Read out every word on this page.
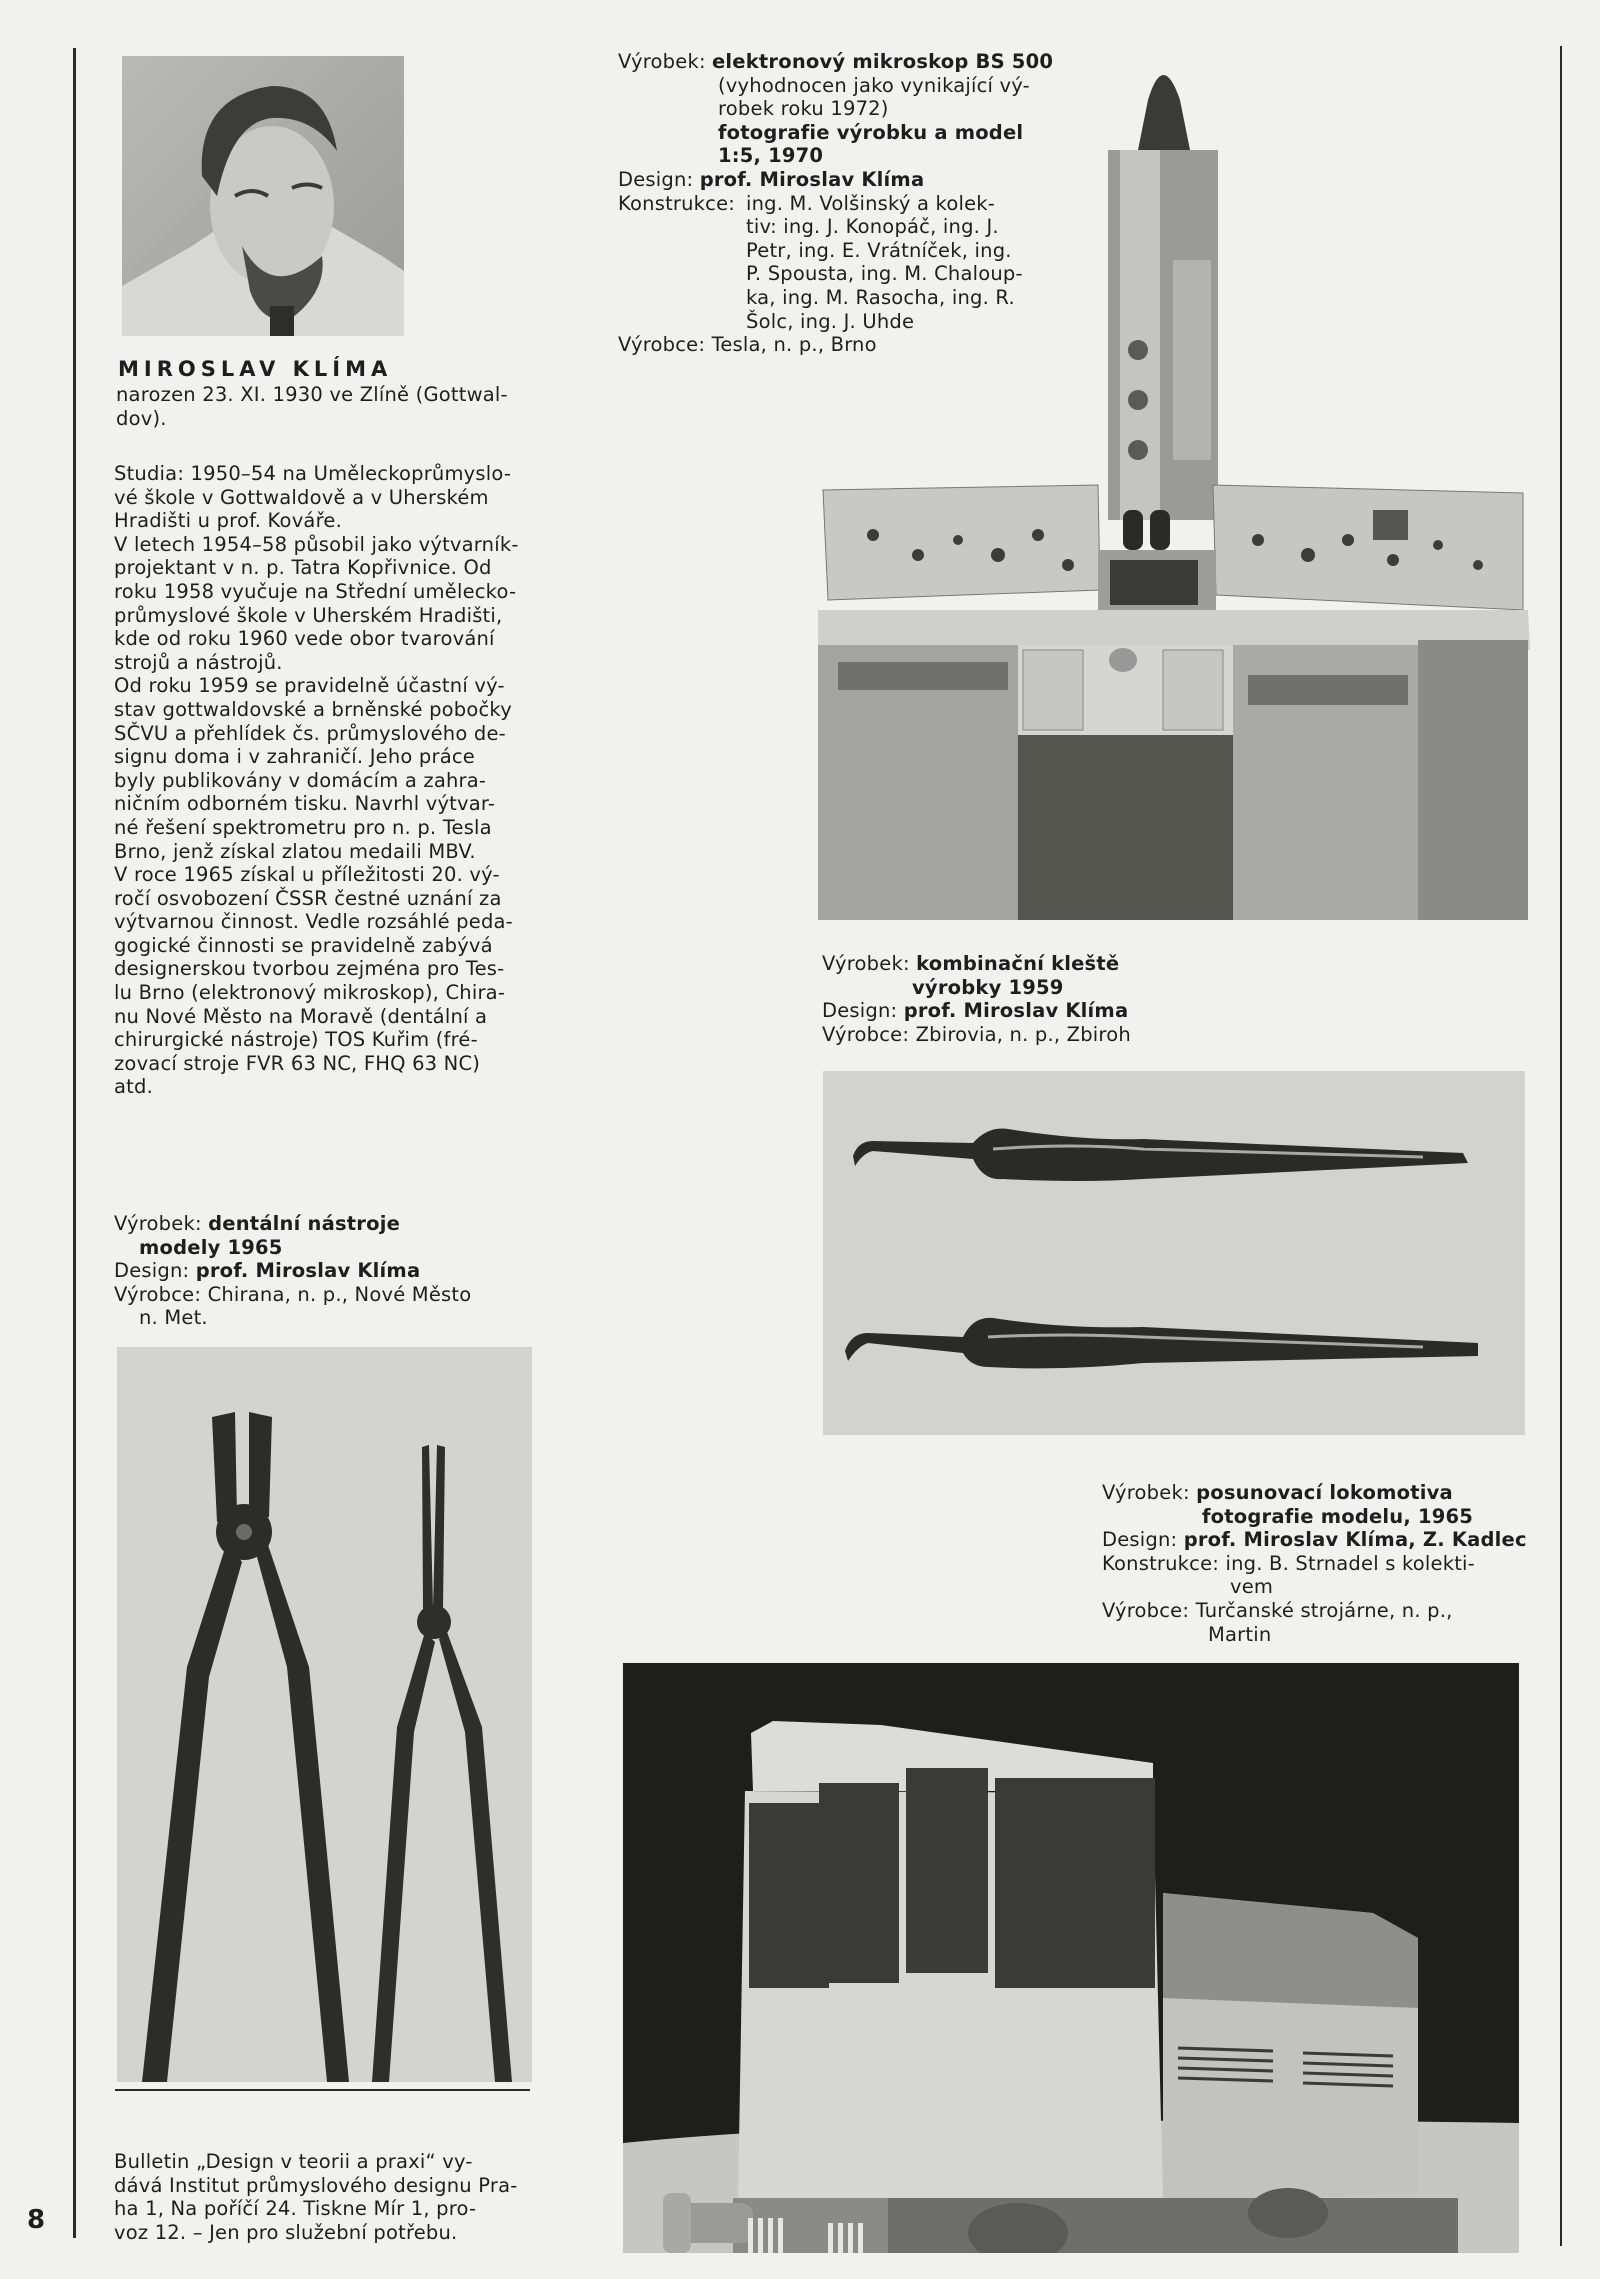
MIROSLAV KLÍMA
narozen 23. XI. 1930 ve Zlíně (Gottwal-
dov).
Studia: 1950–54 na Uměleckoprůmyslo-
vé škole v Gottwaldově a v Uherském
Hradišti u prof. Kováře.
V letech 1954–58 působil jako výtvarník-
projektant v n. p. Tatra Kopřivnice. Od
roku 1958 vyučuje na Střední umělecko-
průmyslové škole v Uherském Hradišti,
kde od roku 1960 vede obor tvarování
strojů a nástrojů.
Od roku 1959 se pravidelně účastní vý-
stav gottwaldovské a brněnské pobočky
SČVU a přehlídek čs. průmyslového de-
signu doma i v zahraničí. Jeho práce
byly publikovány v domácím a zahra-
ničním odborném tisku. Navrhl výtvar-
né řešení spektrometru pro n. p. Tesla
Brno, jenž získal zlatou medaili MBV.
V roce 1965 získal u příležitosti 20. vý-
ročí osvobození ČSSR čestné uznání za
výtvarnou činnost. Vedle rozsáhlé peda-
gogické činnosti se pravidelně zabývá
designerskou tvorbou zejména pro Tes-
lu Brno (elektronový mikroskop), Chira-
nu Nové Město na Moravě (dentální a
chirurgické nástroje) TOS Kuřim (fré-
zovací stroje FVR 63 NC, FHQ 63 NC)
atd.
Výrobek: dentální nástroje
modely 1965
Design: prof. Miroslav Klíma
Výrobce: Chirana, n. p., Nové Město
n. Met.
Výrobek: elektronový mikroskop BS 500
(vyhodnocen jako vynikající vý-
robek roku 1972)
fotografie výrobku a model
1:5, 1970
Design: prof. Miroslav Klíma
Konstrukce: ing. M. Volšinský a kolek-
tiv: ing. J. Konopáč, ing. J.
Petr, ing. E. Vrátníček, ing.
P. Spousta, ing. M. Chaloup-
ka, ing. M. Rasocha, ing. R.
Šolc, ing. J. Uhde
Výrobce: Tesla, n. p., Brno
Výrobek: kombinační kleště
výrobky 1959
Design: prof. Miroslav Klíma
Výrobce: Zbirovia, n. p., Zbiroh
Výrobek: posunovací lokomotiva
fotografie modelu, 1965
Design: prof. Miroslav Klíma, Z. Kadlec
Konstrukce: ing. B. Strnadel s kolekti-
vem
Výrobce: Turčanské strojárne, n. p.,
Martin
Bulletin „Design v teorii a praxi“ vy-
dává Institut průmyslového designu Pra-
ha 1, Na poříčí 24. Tiskne Mír 1, pro-
voz 12. – Jen pro služební potřebu.
8
